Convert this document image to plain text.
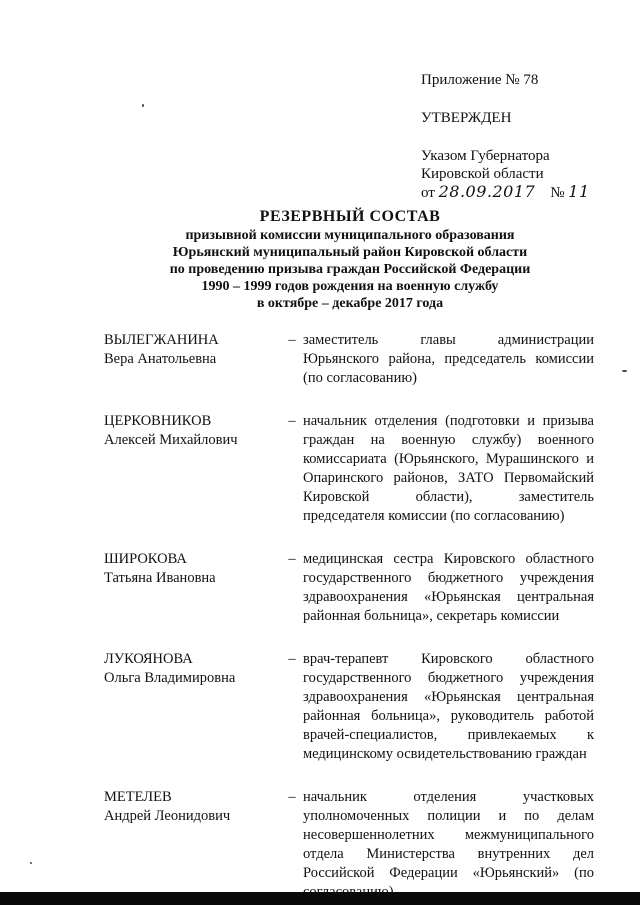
Приложение № 78
УТВЕРЖДЕН
Указом Губернатора
Кировской области
от 28.09.2017 № 11
РЕЗЕРВНЫЙ СОСТАВ
призывной комиссии муниципального образования
Юрьянский муниципальный район Кировской области
по проведению призыва граждан Российской Федерации
1990 – 1999 годов рождения на военную службу
в октябре – декабре 2017 года
ВЫЛЕГЖАНИНА
Вера Анатольевна
– заместитель главы администрации Юрьянского района, председатель комиссии (по согласованию)
ЦЕРКОВНИКОВ
Алексей Михайлович
– начальник отделения (подготовки и призыва граждан на военную службу) военного комиссариата (Юрьянского, Мурашинского и Опаринского районов, ЗАТО Первомайский Кировской области), заместитель председателя комиссии (по согласованию)
ШИРОКОВА
Татьяна Ивановна
– медицинская сестра Кировского областного государственного бюджетного учреждения здравоохранения «Юрьянская центральная районная больница», секретарь комиссии
ЛУКОЯНОВА
Ольга Владимировна
– врач-терапевт Кировского областного государственного бюджетного учреждения здравоохранения «Юрьянская центральная районная больница», руководитель работой врачей-специалистов, привлекаемых к медицинскому освидетельствованию граждан
МЕТЕЛЕВ
Андрей Леонидович
– начальник отделения участковых уполномоченных полиции и по делам несовершеннолетних межмуниципального отдела Министерства внутренних дел Российской Федерации «Юрьянский» (по
